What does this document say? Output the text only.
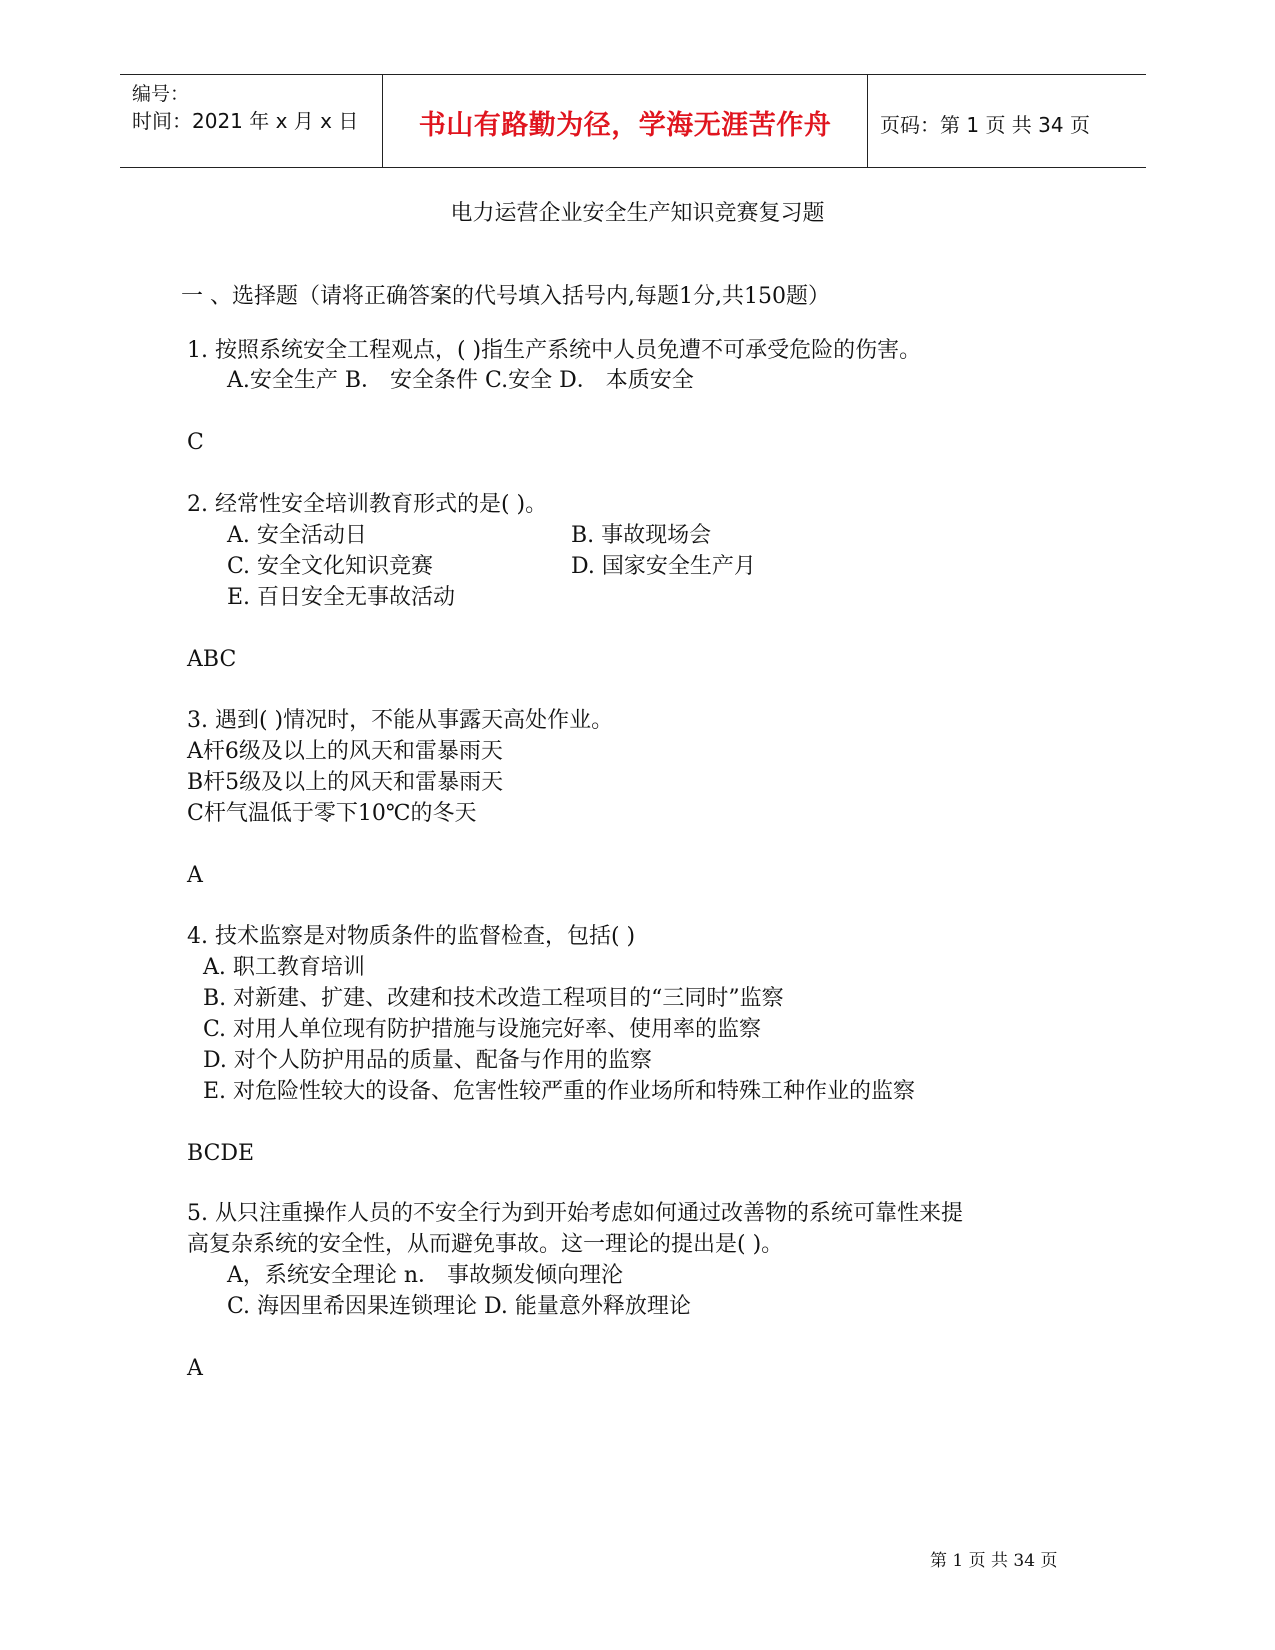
编号：
时间：2021 年 x 月 x 日	书山有路勤为径，学海无涯苦作舟	页码：第 1 页 共 34 页
电力运营企业安全生产知识竞赛复习题
一 、选择题（请将正确答案的代号填入括号内,每题1分,共150题）
1. 按照系统安全工程观点，( )指生产系统中人员免遭不可承受危险的伤害。
A.安全生产 B． 安全条件 C.安全 D． 本质安全
C
2. 经常性安全培训教育形式的是( )。
A. 安全活动日	B. 事故现场会
C. 安全文化知识竞赛	D. 国家安全生产月
E. 百日安全无事故活动
ABC
3. 遇到( )情况时，不能从事露天高处作业。
A杆6级及以上的风天和雷暴雨天
B杆5级及以上的风天和雷暴雨天
C杆气温低于零下10℃的冬天
A
4. 技术监察是对物质条件的监督检查，包括( )
A. 职工教育培训
B. 对新建、扩建、改建和技术改造工程项目的“三同时”监察
C. 对用人单位现有防护措施与设施完好率、使用率的监察
D. 对个人防护用品的质量、配备与作用的监察
E. 对危险性较大的设备、危害性较严重的作业场所和特殊工种作业的监察
BCDE
5. 从只注重操作人员的不安全行为到开始考虑如何通过改善物的系统可靠性来提
高复杂系统的安全性，从而避免事故。这一理论的提出是( )。
A，系统安全理论 n． 事故频发倾向理沦
C. 海因里希因果连锁理论 D. 能量意外释放理论
A
第 1 页 共 34 页
